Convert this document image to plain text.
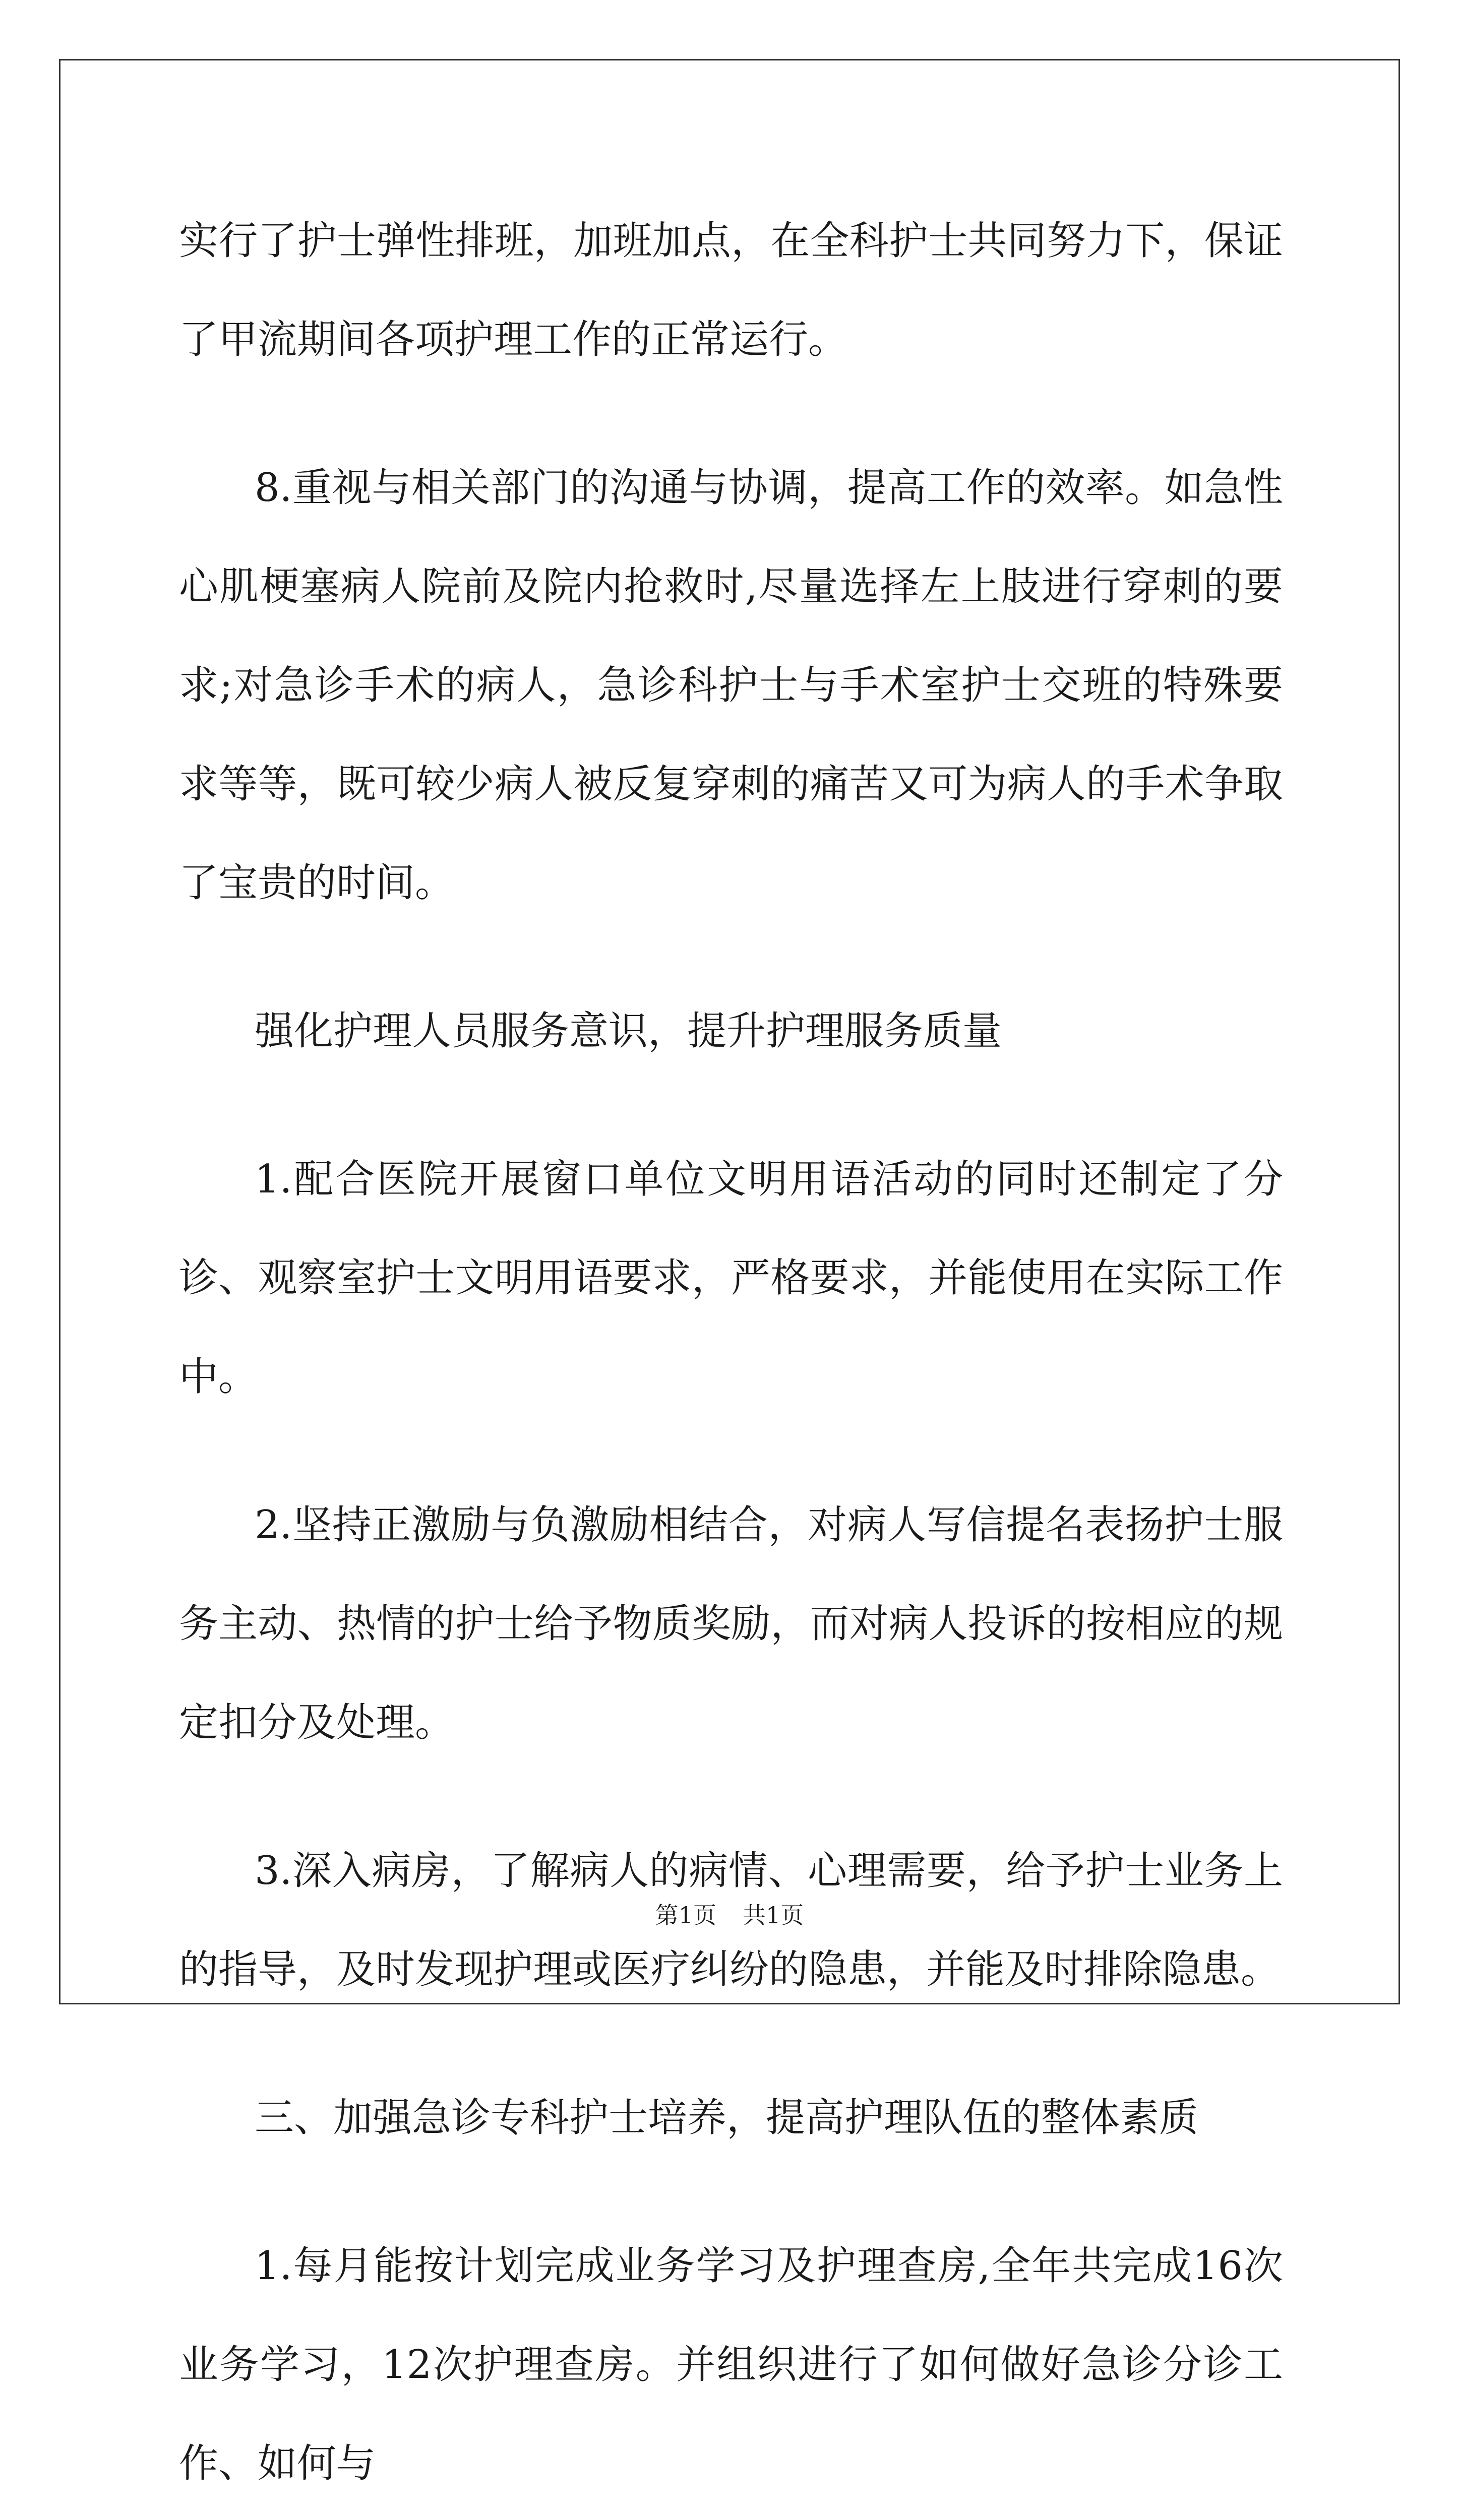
实行了护士弹性排班，加班加点，在全科护士共同努力下，保证了甲流期间各项护理工作的正常运行。

8.重视与相关部门的沟通与协调，提高工作的效率。如急性心肌梗塞病人院前及院内抢救时,尽量选择左上肢进行穿刺的要求;对急诊手术的病人，急诊科护士与手术室护士交班的特殊要求等等，既可较少病人被反复穿刺的痛苦又可为病人的手术争取了宝贵的时间。

强化护理人员服务意识，提升护理服务质量

1.配合医院开展窗口单位文明用语活动的同时还制定了分诊、观察室护士文明用语要求，严格要求，并能使用在实际工作中。

2.坚持正激励与负激励相结合，对病人写信提名表扬护士服务主动、热情的护士给予物质奖励，而对病人投诉的按相应的规定扣分及处理。

3.深入病房，了解病人的病情、心理需要，给予护士业务上的指导，及时发现护理或医疗纠纷的隐患，并能及时排除隐患。

三、加强急诊专科护士培养，提高护理队伍的整体素质

1.每月能按计划完成业务学习及护理查房,全年共完成16次业务学习，12次护理查房。并组织进行了如何做好急诊分诊工作、如何与

第1页 共1页
